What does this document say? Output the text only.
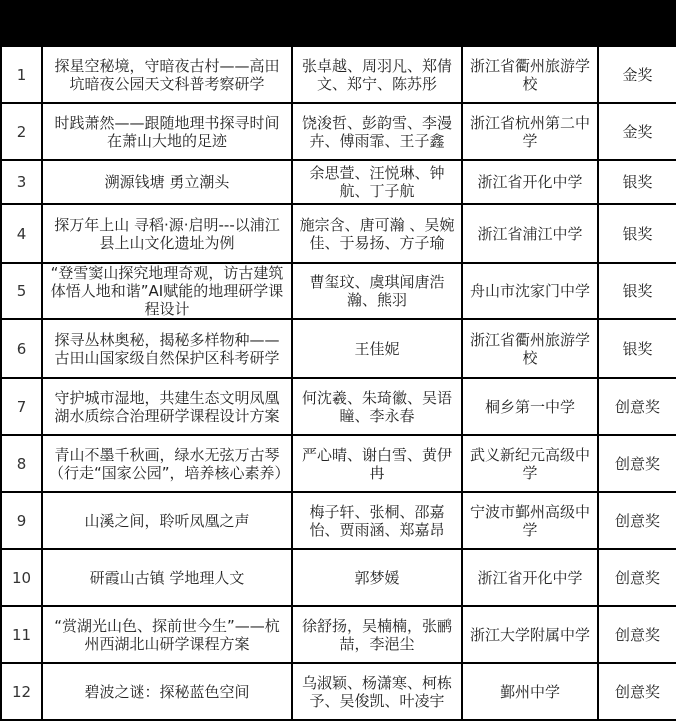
1	探星空秘境，守暗夜古村——高田坑暗夜公园天文科普考察研学	张卓越、周羽凡、郑倩文、郑宁、陈苏彤	浙江省衢州旅游学校	金奖
2	时践萧然——跟随地理书探寻时间在萧山大地的足迹	饶浚哲、彭韵雪、李漫卉、傅雨霏、王子鑫	浙江省杭州第二中学	金奖
3	溯源钱塘 勇立潮头	余思萱、汪悦琳、钟航、丁子航	浙江省开化中学	银奖
4	探万年上山 寻稻·源·启明---以浦江县上山文化遗址为例	施宗含、唐可瀚 、吴婉佳、于易扬、方子瑜	浙江省浦江中学	银奖
5	“登雪窦山探究地理奇观，访古建筑体悟人地和谐”AI赋能的地理研学课程设计	曹玺玟、虞琪闻唐浩瀚、熊羽	舟山市沈家门中学	银奖
6	探寻丛林奥秘，揭秘多样物种——古田山国家级自然保护区科考研学	王佳妮	浙江省衢州旅游学校	银奖
7	守护城市湿地，共建生态文明凤凰湖水质综合治理研学课程设计方案	何沈羲、朱琦徽、吴语瞳、李永春	桐乡第一中学	创意奖
8	青山不墨千秋画，绿水无弦万古琴（行走“国家公园”，培养核心素养）	严心晴、谢白雪、黄伊冉	武义新纪元高级中学	创意奖
9	山溪之间，聆听凤凰之声	梅子轩、张桐、邵嘉怡、贾雨涵、郑嘉昂	宁波市鄞州高级中学	创意奖
10	研霞山古镇 学地理人文	郭梦媛	浙江省开化中学	创意奖
11	“赏湖光山色、探前世今生”——杭州西湖北山研学课程方案	徐舒扬，吴楠楠，张鹂喆，李浥尘	浙江大学附属中学	创意奖
12	碧波之谜：探秘蓝色空间	乌淑颖、杨潇寒、柯栋予、吴俊凯、叶凌宇	鄞州中学	创意奖
